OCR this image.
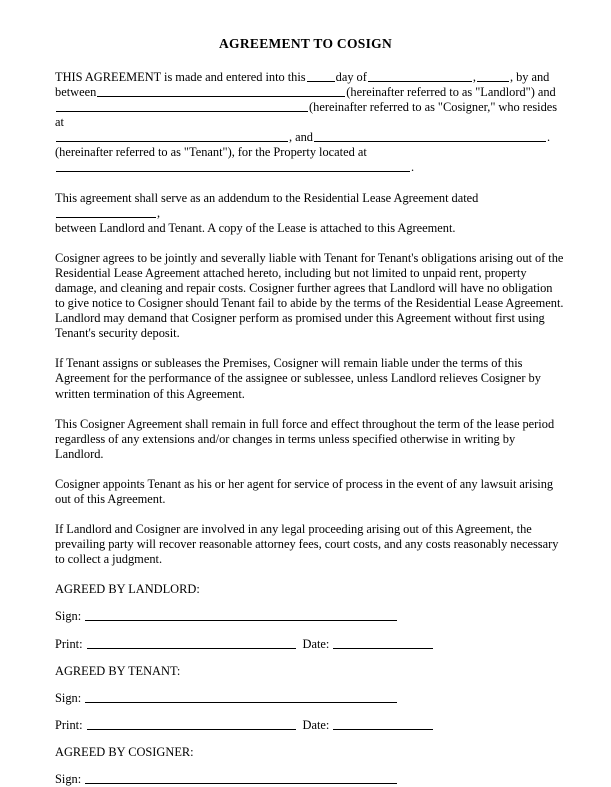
AGREEMENT TO COSIGN

THIS AGREEMENT is made and entered into this day of	,	, by and
between	(hereinafter referred to as "Landlord") and
(hereinafter referred to as "Cosigner," who resides at
, and	.
(hereinafter referred to as "Tenant"), for the Property located at
.

This agreement shall serve as an addendum to the Residential Lease Agreement dated,
between Landlord and Tenant. A copy of the Lease is attached to this Agreement.

Cosigner agrees to be jointly and severally liable with Tenant for Tenant's obligations arising out of the Residential Lease Agreement attached hereto, including but not limited to unpaid rent, property damage, and cleaning and repair costs. Cosigner further agrees that Landlord will have no obligation to give notice to Cosigner should Tenant fail to abide by the terms of the Residential Lease Agreement. Landlord may demand that Cosigner perform as promised under this Agreement without first using Tenant's security deposit.

If Tenant assigns or subleases the Premises, Cosigner will remain liable under the terms of this Agreement for the performance of the assignee or sublessee, unless Landlord relieves Cosigner by written termination of this Agreement.

This Cosigner Agreement shall remain in full force and effect throughout the term of the lease period regardless of any extensions and/or changes in terms unless specified otherwise in writing by Landlord.

Cosigner appoints Tenant as his or her agent for service of process in the event of any lawsuit arising out of this Agreement.

If Landlord and Cosigner are involved in any legal proceeding arising out of this Agreement, the prevailing party will recover reasonable attorney fees, court costs, and any costs reasonably necessary to collect a judgment.

AGREED BY LANDLORD:

Sign:

Print:	Date:

AGREED BY TENANT:

Sign:

Print:	Date:

AGREED BY COSIGNER:

Sign:
